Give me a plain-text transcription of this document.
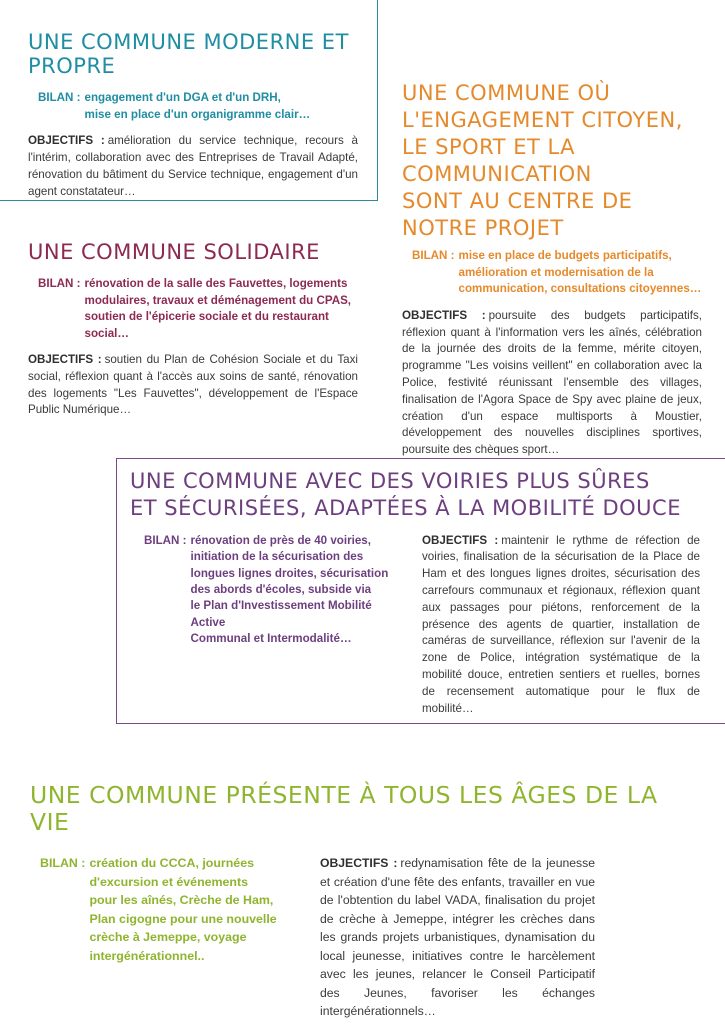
UNE COMMUNE MODERNE ET PROPRE
BILAN : engagement d'un DGA et d'un DRH,
mise en place d'un organigramme clair…

OBJECTIFS : amélioration du service technique, recours à l'intérim, collaboration avec des Entreprises de Travail Adapté, rénovation du bâtiment du Service technique, engagement d'un agent constatateur…

UNE COMMUNE OÙ
L'ENGAGEMENT CITOYEN,
LE SPORT ET LA COMMUNICATION
SONT AU CENTRE DE NOTRE PROJET
BILAN : mise en place de budgets participatifs,
amélioration et modernisation de la
communication, consultations citoyennes…

OBJECTIFS : poursuite des budgets participatifs, réflexion quant à l'information vers les aînés, célébration de la journée des droits de la femme, mérite citoyen, programme "Les voisins veillent" en collaboration avec la Police, festivité réunissant l'ensemble des villages, finalisation de l'Agora Space de Spy avec plaine de jeux, création d'un espace multisports à Moustier, développement des nouvelles disciplines sportives, poursuite des chèques sport…

UNE COMMUNE SOLIDAIRE
BILAN : rénovation de la salle des Fauvettes, logements
modulaires, travaux et déménagement du CPAS,
soutien de l'épicerie sociale et du restaurant social…

OBJECTIFS : soutien du Plan de Cohésion Sociale et du Taxi social, réflexion quant à l'accès aux soins de santé, rénovation des logements "Les Fauvettes", développement de l'Espace Public Numérique…

UNE COMMUNE AVEC DES VOIRIES PLUS SÛRES
ET SÉCURISÉES, ADAPTÉES À LA MOBILITÉ DOUCE
BILAN : rénovation de près de 40 voiries,
initiation de la sécurisation des
longues lignes droites, sécurisation
des abords d'écoles, subside via
le Plan d'Investissement Mobilité Active
Communal et Intermodalité…

OBJECTIFS : maintenir le rythme de réfection de voiries, finalisation de la sécurisation de la Place de Ham et des longues lignes droites, sécurisation des carrefours communaux et régionaux, réflexion quant aux passages pour piétons, renforcement de la présence des agents de quartier, installation de caméras de surveillance, réflexion sur l'avenir de la zone de Police, intégration systématique de la mobilité douce, entretien sentiers et ruelles, bornes de recensement automatique pour le flux de mobilité…

UNE COMMUNE PRÉSENTE À TOUS LES ÂGES DE LA VIE
BILAN : création du CCCA, journées
d'excursion et événements
pour les aînés, Crèche de Ham,
Plan cigogne pour une nouvelle
crèche à Jemeppe, voyage
intergénérationnel..

OBJECTIFS : redynamisation fête de la jeunesse et création d'une fête des enfants, travailler en vue de l'obtention du label VADA, finalisation du projet de crèche à Jemeppe, intégrer les crèches dans les grands projets urbanistiques, dynamisation du local jeunesse, initiatives contre le harcèlement avec les jeunes, relancer le Conseil Participatif des Jeunes, favoriser les échanges intergénérationnels…
